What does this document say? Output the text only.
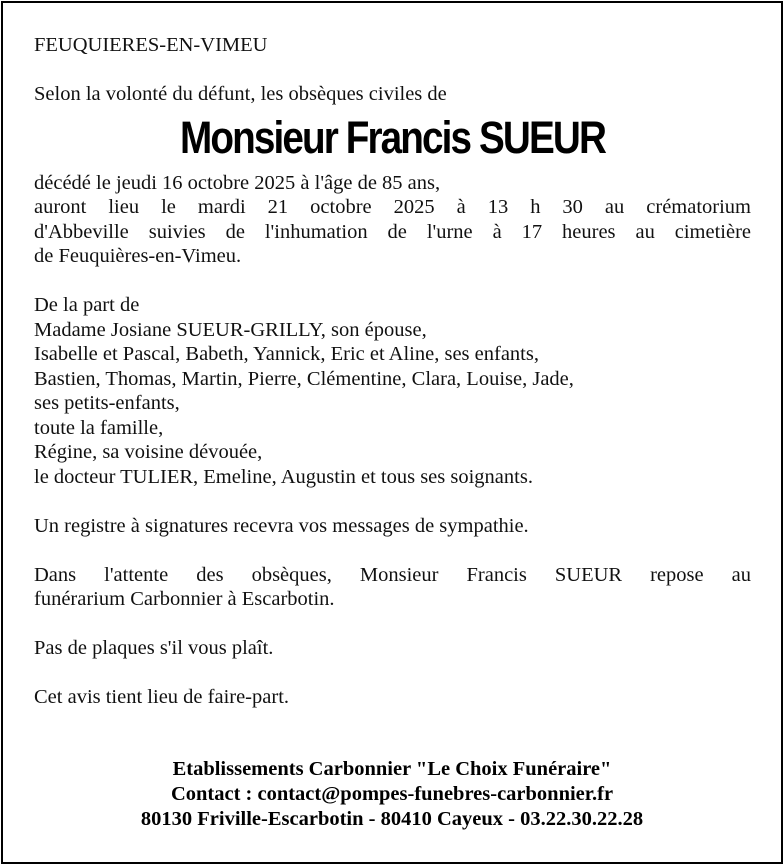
FEUQUIERES-EN-VIMEU

Selon la volonté du défunt, les obsèques civiles de

Monsieur Francis SUEUR

décédé le jeudi 16 octobre 2025 à l'âge de 85 ans,
auront lieu le mardi 21 octobre 2025 à 13 h 30 au crématorium
d'Abbeville suivies de l'inhumation de l'urne à 17 heures au cimetière
de Feuquières-en-Vimeu.
De la part de
Madame Josiane SUEUR-GRILLY, son épouse,
Isabelle et Pascal, Babeth, Yannick, Eric et Aline, ses enfants,
Bastien, Thomas, Martin, Pierre, Clémentine, Clara, Louise, Jade,
ses petits-enfants,
toute la famille,
Régine, sa voisine dévouée,
le docteur TULIER, Emeline, Augustin et tous ses soignants.

Un registre à signatures recevra vos messages de sympathie.

Dans l'attente des obsèques, Monsieur Francis SUEUR repose au
funérarium Carbonnier à Escarbotin.

Pas de plaques s'il vous plaît.

Cet avis tient lieu de faire-part.

Etablissements Carbonnier "Le Choix Funéraire"
Contact : contact@pompes-funebres-carbonnier.fr
80130 Friville-Escarbotin - 80410 Cayeux - 03.22.30.22.28
